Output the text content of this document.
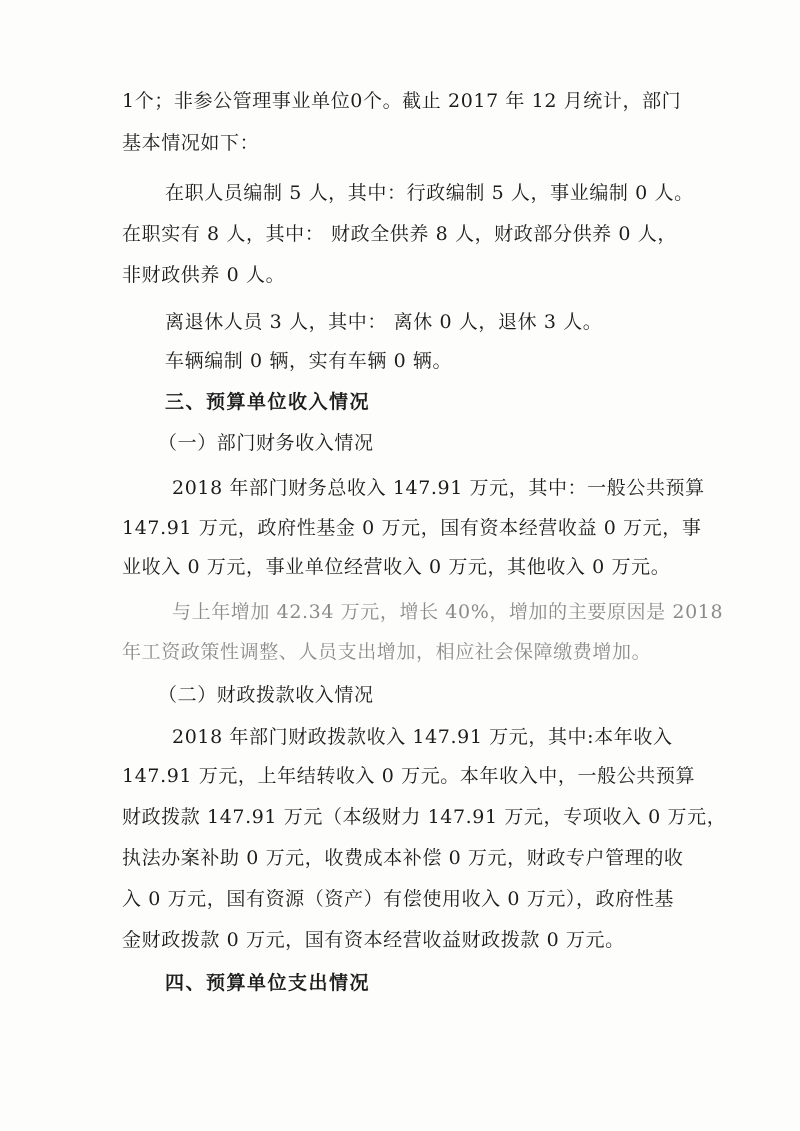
1个；非参公管理事业单位0个。截止 2017 年 12 月统计，部门
基本情况如下：
在职人员编制 5 人，其中：行政编制 5 人，事业编制 0 人。
在职实有 8 人，其中： 财政全供养 8 人，财政部分供养 0 人，
非财政供养 0 人。
离退休人员 3 人，其中： 离休 0 人，退休 3 人。
车辆编制 0 辆，实有车辆 0 辆。
三、预算单位收入情况
（一）部门财务收入情况
2018 年部门财务总收入 147.91 万元，其中：一般公共预算
147.91 万元，政府性基金 0 万元，国有资本经营收益 0 万元，事
业收入 0 万元，事业单位经营收入 0 万元，其他收入 0 万元。
与上年增加 42.34 万元，增长 40%，增加的主要原因是 2018
年工资政策性调整、人员支出增加，相应社会保障缴费增加。
（二）财政拨款收入情况
2018 年部门财政拨款收入 147.91 万元，其中:本年收入
147.91 万元，上年结转收入 0 万元。本年收入中，一般公共预算
财政拨款 147.91 万元（本级财力 147.91 万元，专项收入 0 万元，
执法办案补助 0 万元，收费成本补偿 0 万元，财政专户管理的收
入 0 万元，国有资源（资产）有偿使用收入 0 万元），政府性基
金财政拨款 0 万元，国有资本经营收益财政拨款 0 万元。
四、预算单位支出情况
